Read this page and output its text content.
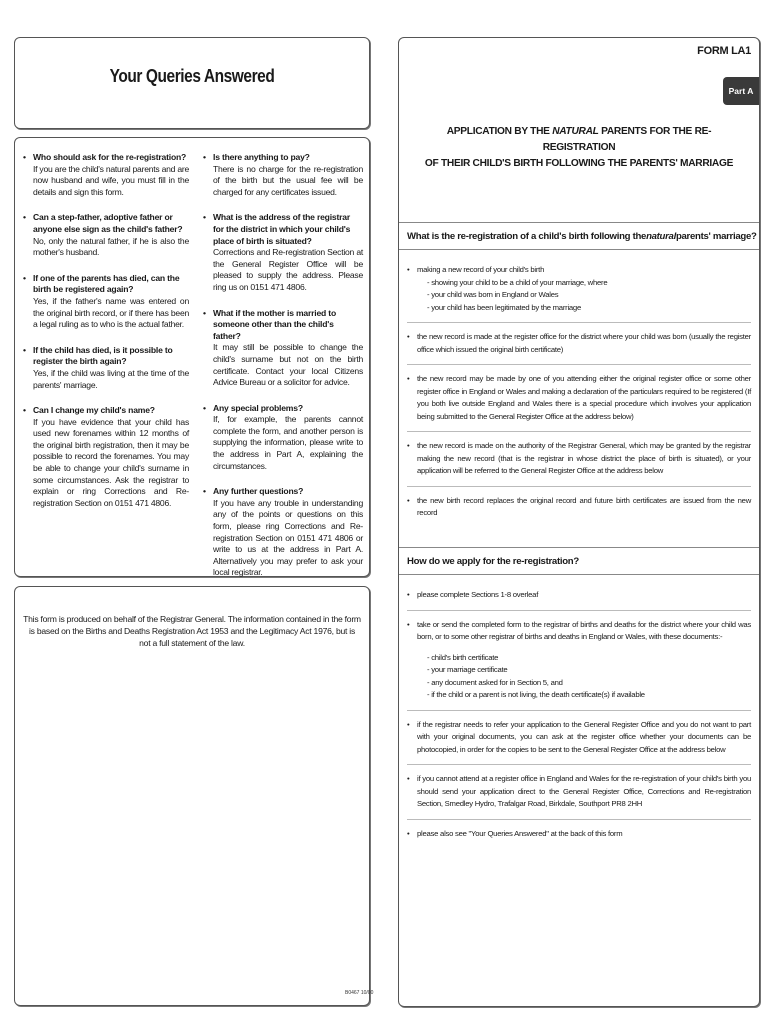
Your Queries Answered
• Who should ask for the re-registration?
If you are the child's natural parents and are now husband and wife, you must fill in the details and sign this form.
• Can a step-father, adoptive father or anyone else sign as the child's father?
No, only the natural father, if he is also the mother's husband.
• If one of the parents has died, can the birth be registered again?
Yes, if the father's name was entered on the original birth record, or if there has been a legal ruling as to who is the actual father.
• If the child has died, is it possible to register the birth again?
Yes, if the child was living at the time of the parents' marriage.
• Can I change my child's name?
If you have evidence that your child has used new forenames within 12 months of the original birth registration, then it may be possible to record the forenames. You may be able to change your child's surname in some circumstances. Ask the registrar to explain or ring Corrections and Re-registration Section on 0151 471 4806.
• Is there anything to pay?
There is no charge for the re-registration of the birth but the usual fee will be charged for any certificates issued.
• What is the address of the registrar for the district in which your child's place of birth is situated?
Corrections and Re-registration Section at the General Register Office will be pleased to supply the address. Please ring us on 0151 471 4806.
• What if the mother is married to someone other than the child's father?
It may still be possible to change the child's surname but not on the birth certificate. Contact your local Citizens Advice Bureau or a solicitor for advice.
• Any special problems?
If, for example, the parents cannot complete the form, and another person is supplying the information, please write to the address in Part A, explaining the circumstances.
• Any further questions?
If you have any trouble in understanding any of the points or questions on this form, please ring Corrections and Re-registration Section on 0151 471 4806 or write to us at the address in Part A. Alternatively you may prefer to ask your local registrar.
This form is produced on behalf of the Registrar General. The information contained in the form is based on the Births and Deaths Registration Act 1953 and the Legitimacy Act 1976, but is not a full statement of the law.
FORM LA1
Part A
APPLICATION BY THE NATURAL PARENTS FOR THE RE-REGISTRATION
OF THEIR CHILD'S BIRTH FOLLOWING THE PARENTS' MARRIAGE
What is the re-registration of a child's birth following the natural parents' marriage?
• making a new record of your child's birth
- showing your child to be a child of your marriage, where
- your child was born in England or Wales
- your child has been legitimated by the marriage
• the new record is made at the register office for the district where your child was born (usually the register office which issued the original birth certificate)
• the new record may be made by one of you attending either the original register office or some other register office in England or Wales and making a declaration of the particulars required to be registered (If you both live outside England and Wales there is a special procedure which involves your application being submitted to the General Register Office at the address below)
• the new record is made on the authority of the Registrar General, which may be granted by the registrar making the new record (that is the registrar in whose district the place of birth is situated), or your application will be referred to the General Register Office at the address below
• the new birth record replaces the original record and future birth certificates are issued from the new record
How do we apply for the re-registration?
• please complete Sections 1-8 overleaf
• take or send the completed form to the registrar of births and deaths for the district where your child was born, or to some other registrar of births and deaths in England or Wales, with these documents:-
- child's birth certificate
- your marriage certificate
- any document asked for in Section 5, and
- if the child or a parent is not living, the death certificate(s) if available
• if the registrar needs to refer your application to the General Register Office and you do not want to part with your original documents, you can ask at the register office whether your documents can be photocopied, in order for the copies to be sent to the General Register Office at the address below
• if you cannot attend at a register office in England and Wales for the re-registration of your child's birth you should send your application direct to the General Register Office, Corrections and Re-registration Section, Smedley Hydro, Trafalgar Road, Birkdale, Southport PR8 2HH
• please also see "Your Queries Answered" at the back of this form
B0467 10/00
